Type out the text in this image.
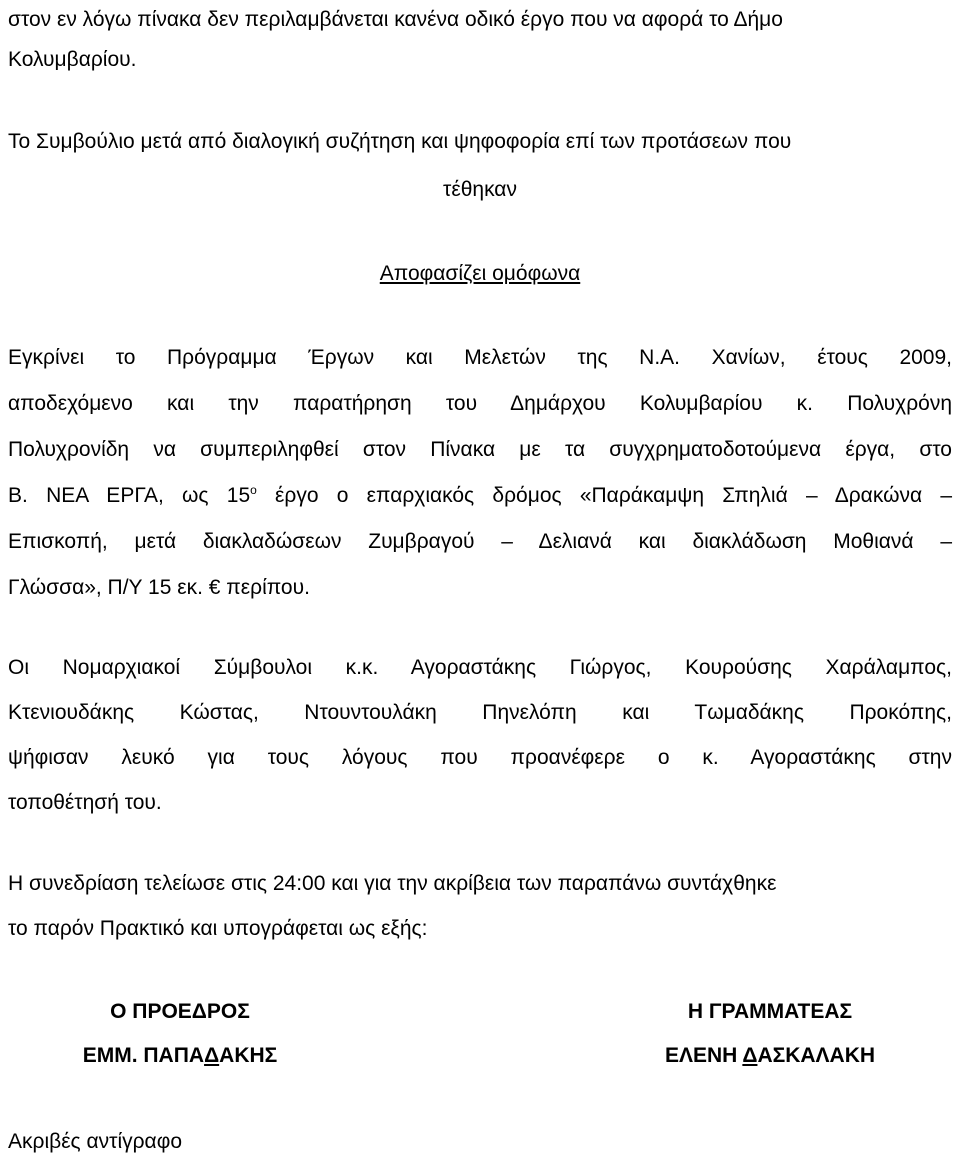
στον εν λόγω πίνακα δεν περιλαμβάνεται κανένα οδικό έργο που να αφορά το Δήμο
Κολυμβαρίου.
Το Συμβούλιο μετά από διαλογική συζήτηση και ψηφοφορία επί των προτάσεων που
τέθηκαν
Αποφασίζει ομόφωνα
Εγκρίνει το Πρόγραμμα Έργων και Μελετών της Ν.Α. Χανίων, έτους 2009,
αποδεχόμενο και την παρατήρηση του Δημάρχου Κολυμβαρίου κ. Πολυχρόνη
Πολυχρονίδη να συμπεριληφθεί στον Πίνακα με τα συγχρηματοδοτούμενα έργα, στο
Β. ΝΕΑ ΕΡΓΑ, ως $15^o$ έργο ο επαρχιακός δρόμος «Παράκαμψη Σπηλιά – Δρακώνα –
Επισκοπή, μετά διακλαδώσεων Ζυμβραγού – Δελιανά και διακλάδωση Μοθιανά –
Γλώσσα», Π/Υ 15 εκ. € περίπου.
Οι Νομαρχιακοί Σύμβουλοι κ.κ. Αγοραστάκης Γιώργος, Κουρούσης Χαράλαμπος,
Κτενιουδάκης Κώστας, Ντουντουλάκη Πηνελόπη και Τωμαδάκης Προκόπης,
ψήφισαν λευκό για τους λόγους που προανέφερε ο κ. Αγοραστάκης στην
τοποθέτησή του.
Η συνεδρίαση τελείωσε στις 24:00 και για την ακρίβεια των παραπάνω συντάχθηκε
το παρόν Πρακτικό και υπογράφεται ως εξής:
Ο ΠΡΟΕΔΡΟΣ
ΕΜΜ. ΠΑΠΑΔΑΚΗΣ
Η ΓΡΑΜΜΑΤΕΑΣ
ΕΛΕΝΗ ΔΑΣΚΑΛΑΚΗ
Ακριβές αντίγραφο
